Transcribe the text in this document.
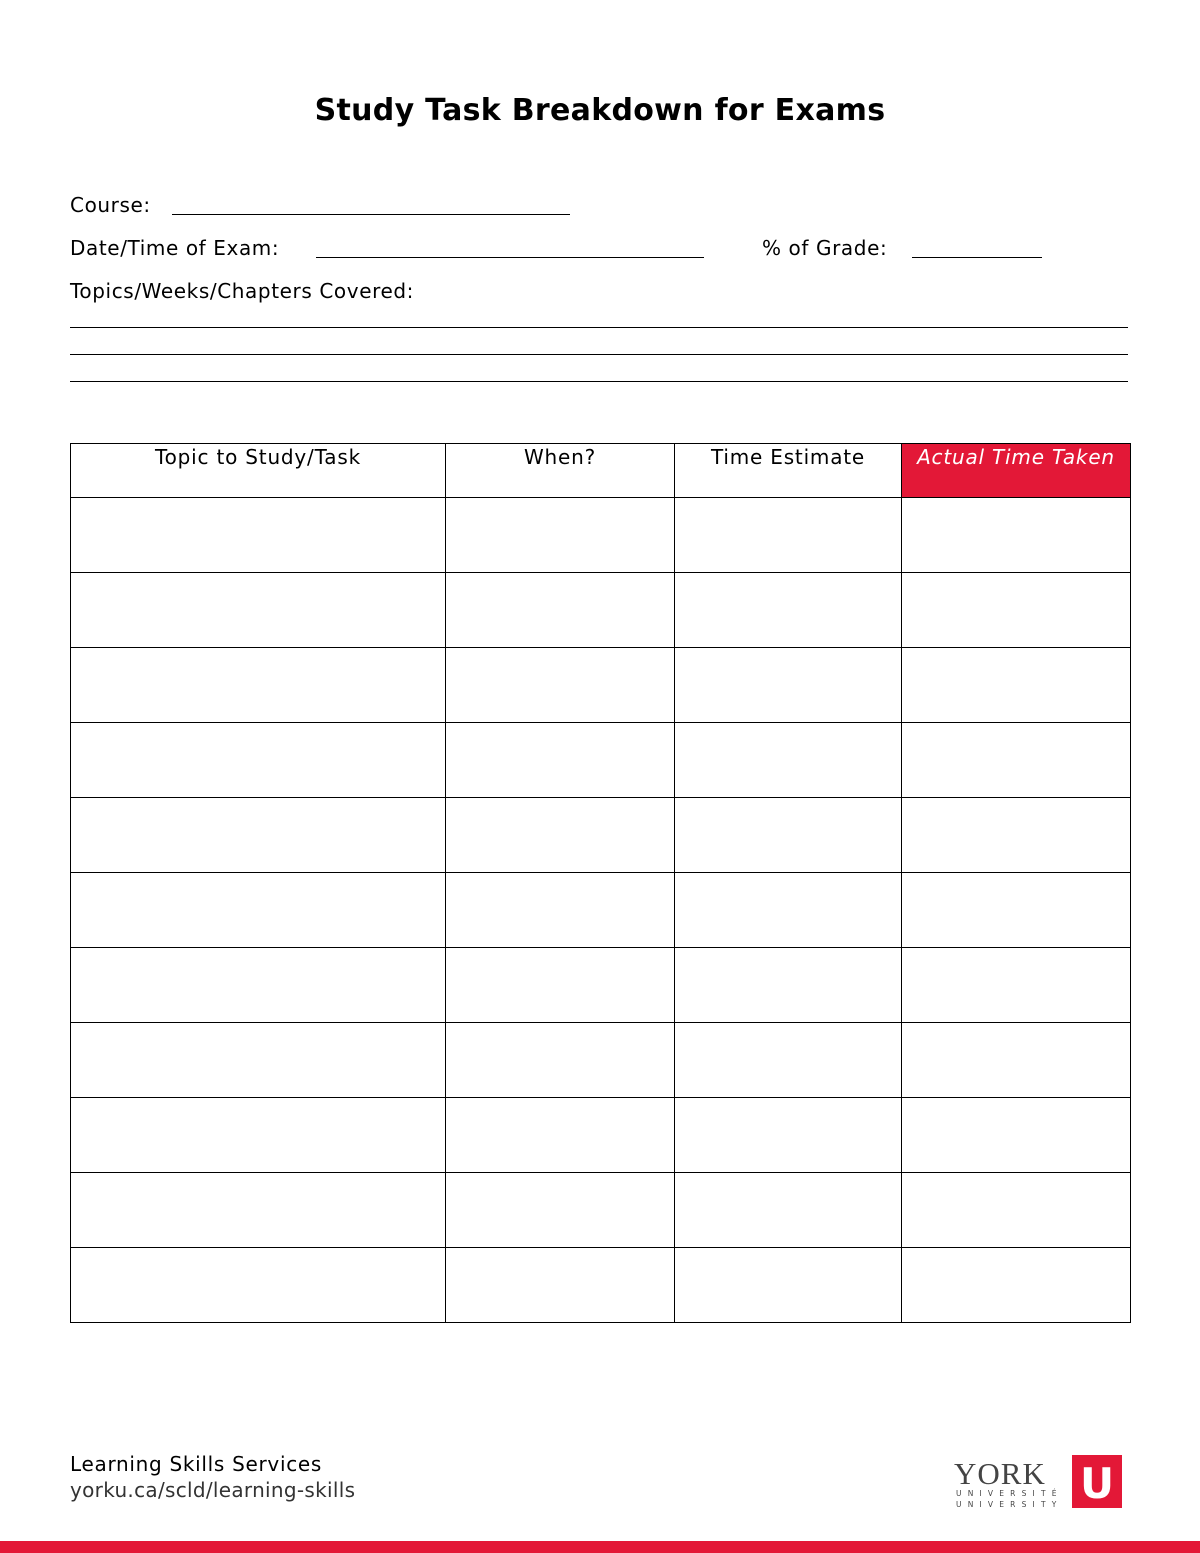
Study Task Breakdown for Exams
Course:
Date/Time of Exam:	% of Grade:
Topics/Weeks/Chapters Covered:
Topic to Study/Task	When?	Time Estimate	Actual Time Taken

Learning Skills Services
yorku.ca/scld/learning-skills	YORK U
UNIVERSITÉ
UNIVERSITY
